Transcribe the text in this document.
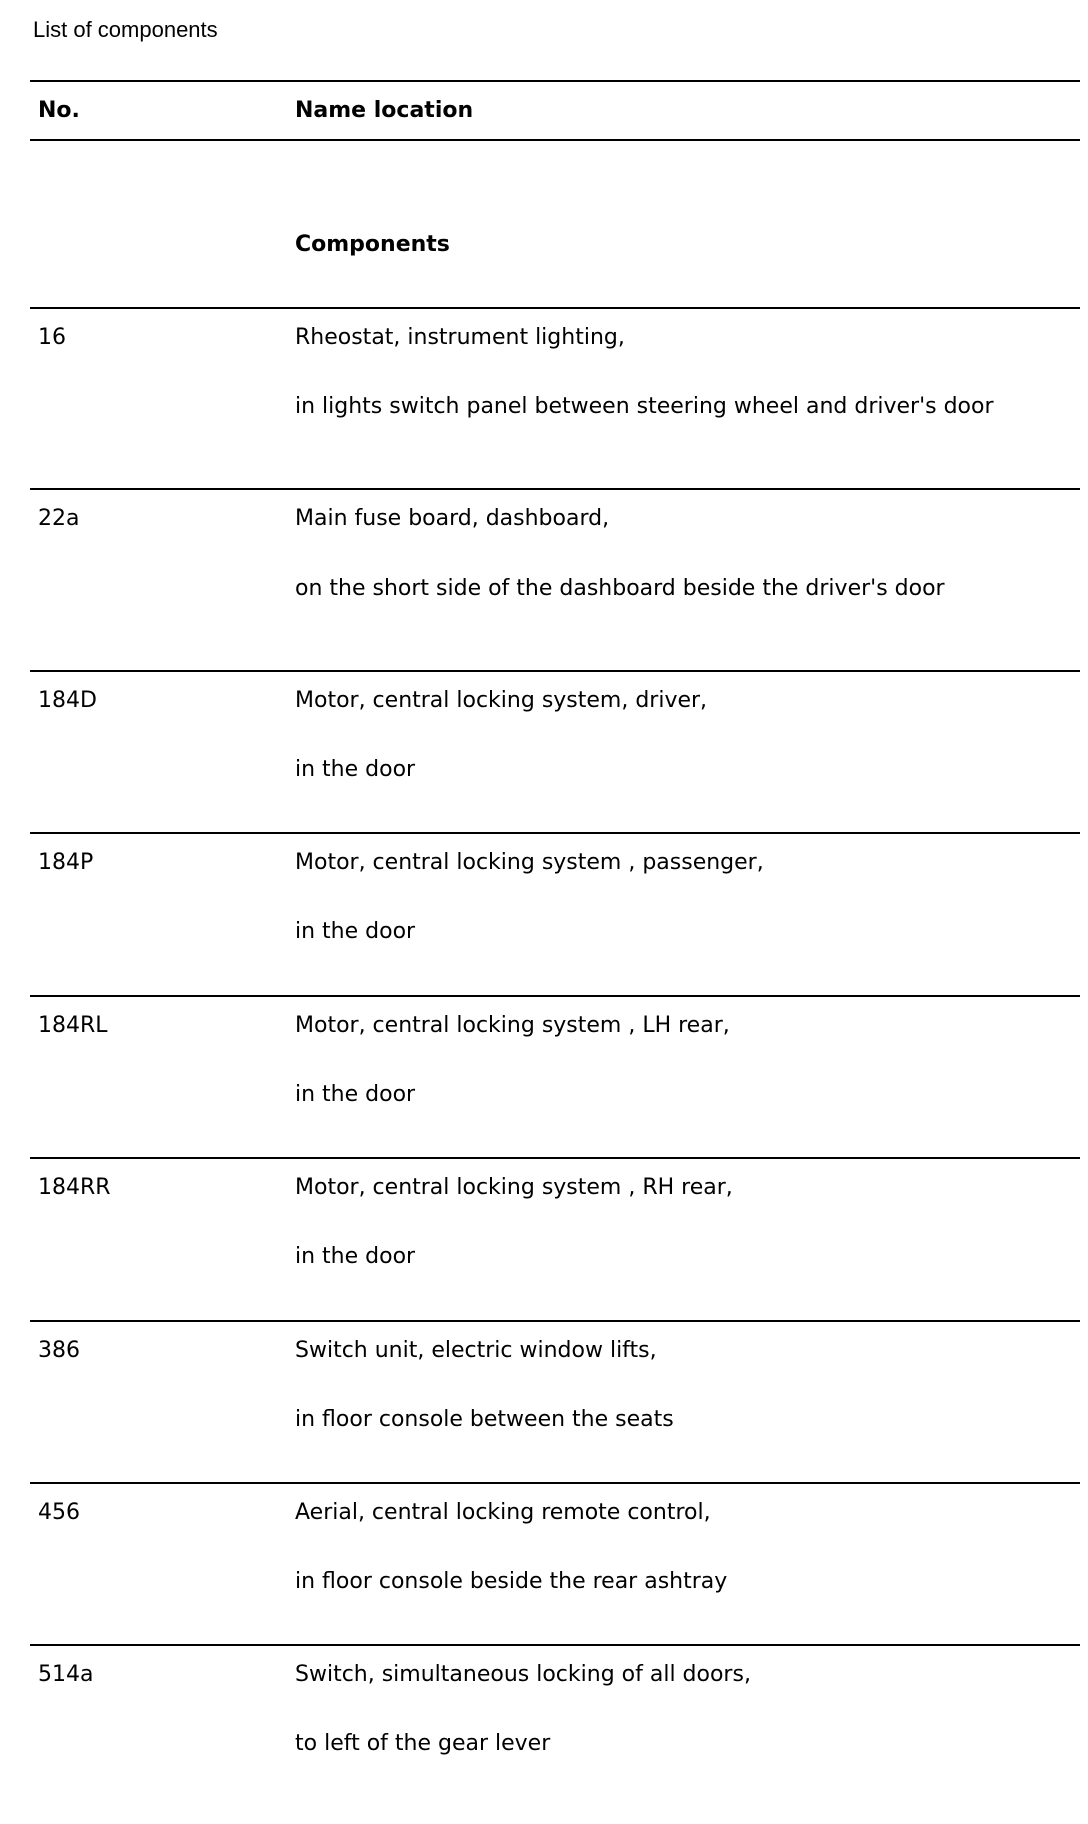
List of components
No.	Name location
Components
16	Rheostat, instrument lighting,
in lights switch panel between steering wheel and driver's door
22a	Main fuse board, dashboard,
on the short side of the dashboard beside the driver's door
184D	Motor, central locking system, driver,
in the door
184P	Motor, central locking system , passenger,
in the door
184RL	Motor, central locking system , LH rear,
in the door
184RR	Motor, central locking system , RH rear,
in the door
386	Switch unit, electric window lifts,
in floor console between the seats
456	Aerial, central locking remote control,
in floor console beside the rear ashtray
514a	Switch, simultaneous locking of all doors,
to left of the gear lever
